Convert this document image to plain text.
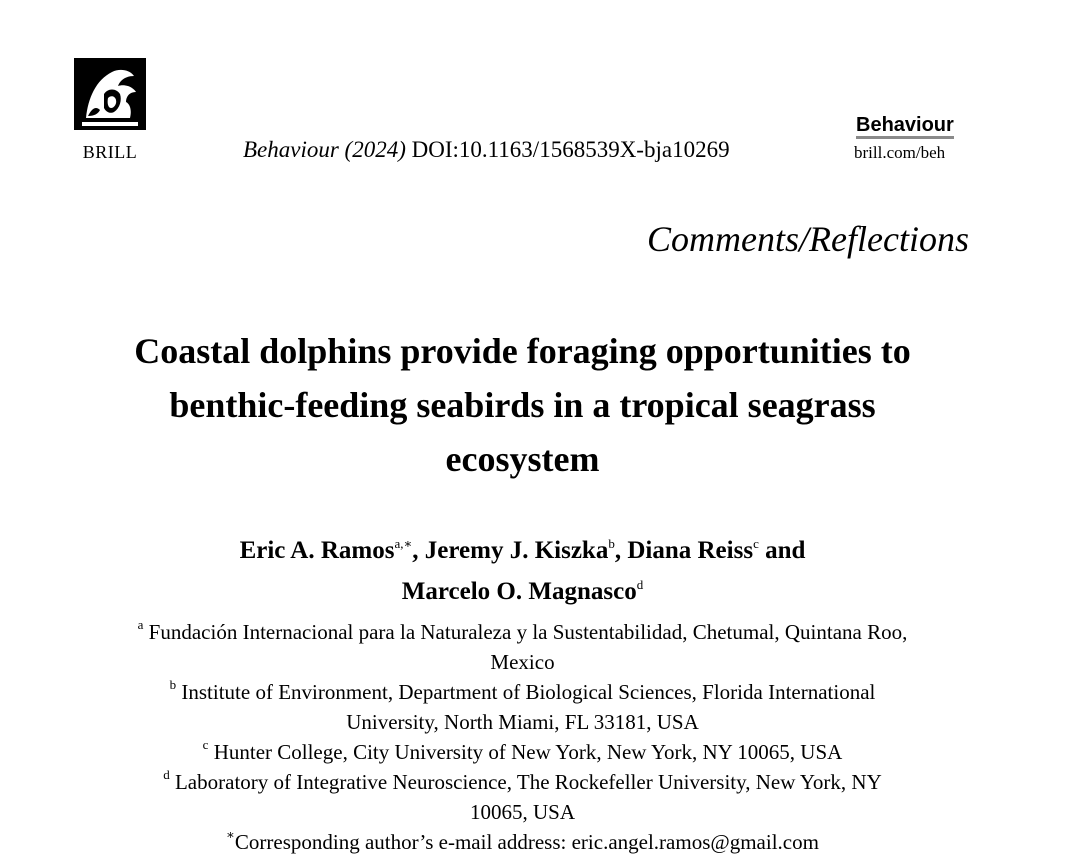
BRILL	Behaviour (2024) DOI:10.1163/1568539X-bja10269
Behaviour
brill.com/beh
Comments/Reflections
Coastal dolphins provide foraging opportunities to
benthic-feeding seabirds in a tropical seagrass
ecosystem
Eric A. Ramos$^{a,∗}$, Jeremy J. Kiszka$^b$, Diana Reiss$^c$ and
Marcelo O. Magnasco$^d$
$^a$ Fundación Internacional para la Naturaleza y la Sustentabilidad, Chetumal, Quintana Roo,
Mexico
$^b$ Institute of Environment, Department of Biological Sciences, Florida International
University, North Miami, FL 33181, USA
$^c$ Hunter College, City University of New York, New York, NY 10065, USA
$^d$ Laboratory of Integrative Neuroscience, The Rockefeller University, New York, NY
10065, USA
∗Corresponding author’s e-mail address: eric.angel.ramos@gmail.com
